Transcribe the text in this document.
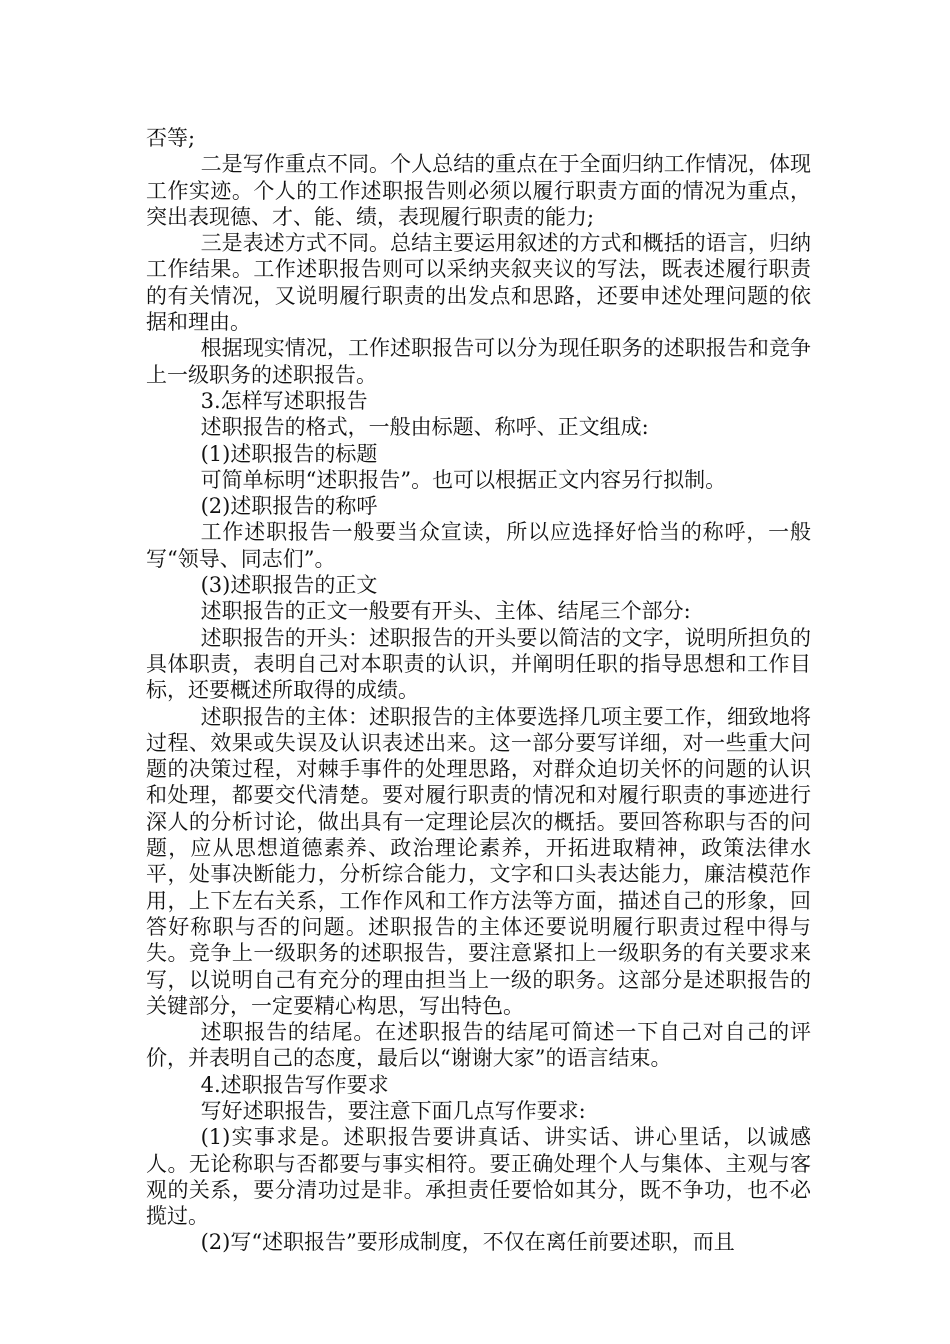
否等;

二是写作重点不同。个人总结的重点在于全面归纳工作情况，体现工作实迹。个人的工作述职报告则必须以履行职责方面的情况为重点，突出表现德、才、能、绩，表现履行职责的能力;

三是表述方式不同。总结主要运用叙述的方式和概括的语言，归纳工作结果。工作述职报告则可以采纳夹叙夹议的写法，既表述履行职责的有关情况，又说明履行职责的出发点和思路，还要申述处理问题的依据和理由。

根据现实情况，工作述职报告可以分为现任职务的述职报告和竞争上一级职务的述职报告。

3.怎样写述职报告

述职报告的格式，一般由标题、称呼、正文组成:

(1)述职报告的标题

可简单标明“述职报告”。也可以根据正文内容另行拟制。

(2)述职报告的称呼

工作述职报告一般要当众宣读，所以应选择好恰当的称呼，一般写“领导、同志们”。

(3)述职报告的正文

述职报告的正文一般要有开头、主体、结尾三个部分:

述职报告的开头：述职报告的开头要以简洁的文字，说明所担负的具体职责，表明自己对本职责的认识，并阐明任职的指导思想和工作目标，还要概述所取得的成绩。

述职报告的主体：述职报告的主体要选择几项主要工作，细致地将过程、效果或失误及认识表述出来。这一部分要写详细，对一些重大问题的决策过程，对棘手事件的处理思路，对群众迫切关怀的问题的认识和处理，都要交代清楚。要对履行职责的情况和对履行职责的事迹进行深人的分析讨论，做出具有一定理论层次的概括。要回答称职与否的问题，应从思想道德素养、政治理论素养，开拓进取精神，政策法律水平，处事决断能力，分析综合能力，文字和口头表达能力，廉洁模范作用，上下左右关系，工作作风和工作方法等方面，描述自己的形象，回答好称职与否的问题。述职报告的主体还要说明履行职责过程中得与失。竞争上一级职务的述职报告，要注意紧扣上一级职务的有关要求来写，以说明自己有充分的理由担当上一级的职务。这部分是述职报告的关键部分，一定要精心构思，写出特色。

述职报告的结尾。在述职报告的结尾可简述一下自己对自己的评价，并表明自己的态度，最后以“谢谢大家”的语言结束。

4.述职报告写作要求

写好述职报告，要注意下面几点写作要求:

(1)实事求是。述职报告要讲真话、讲实话、讲心里话，以诚感人。无论称职与否都要与事实相符。要正确处理个人与集体、主观与客观的关系，要分清功过是非。承担责任要恰如其分，既不争功，也不必揽过。

(2)写“述职报告”要形成制度，不仅在离任前要述职，而且
